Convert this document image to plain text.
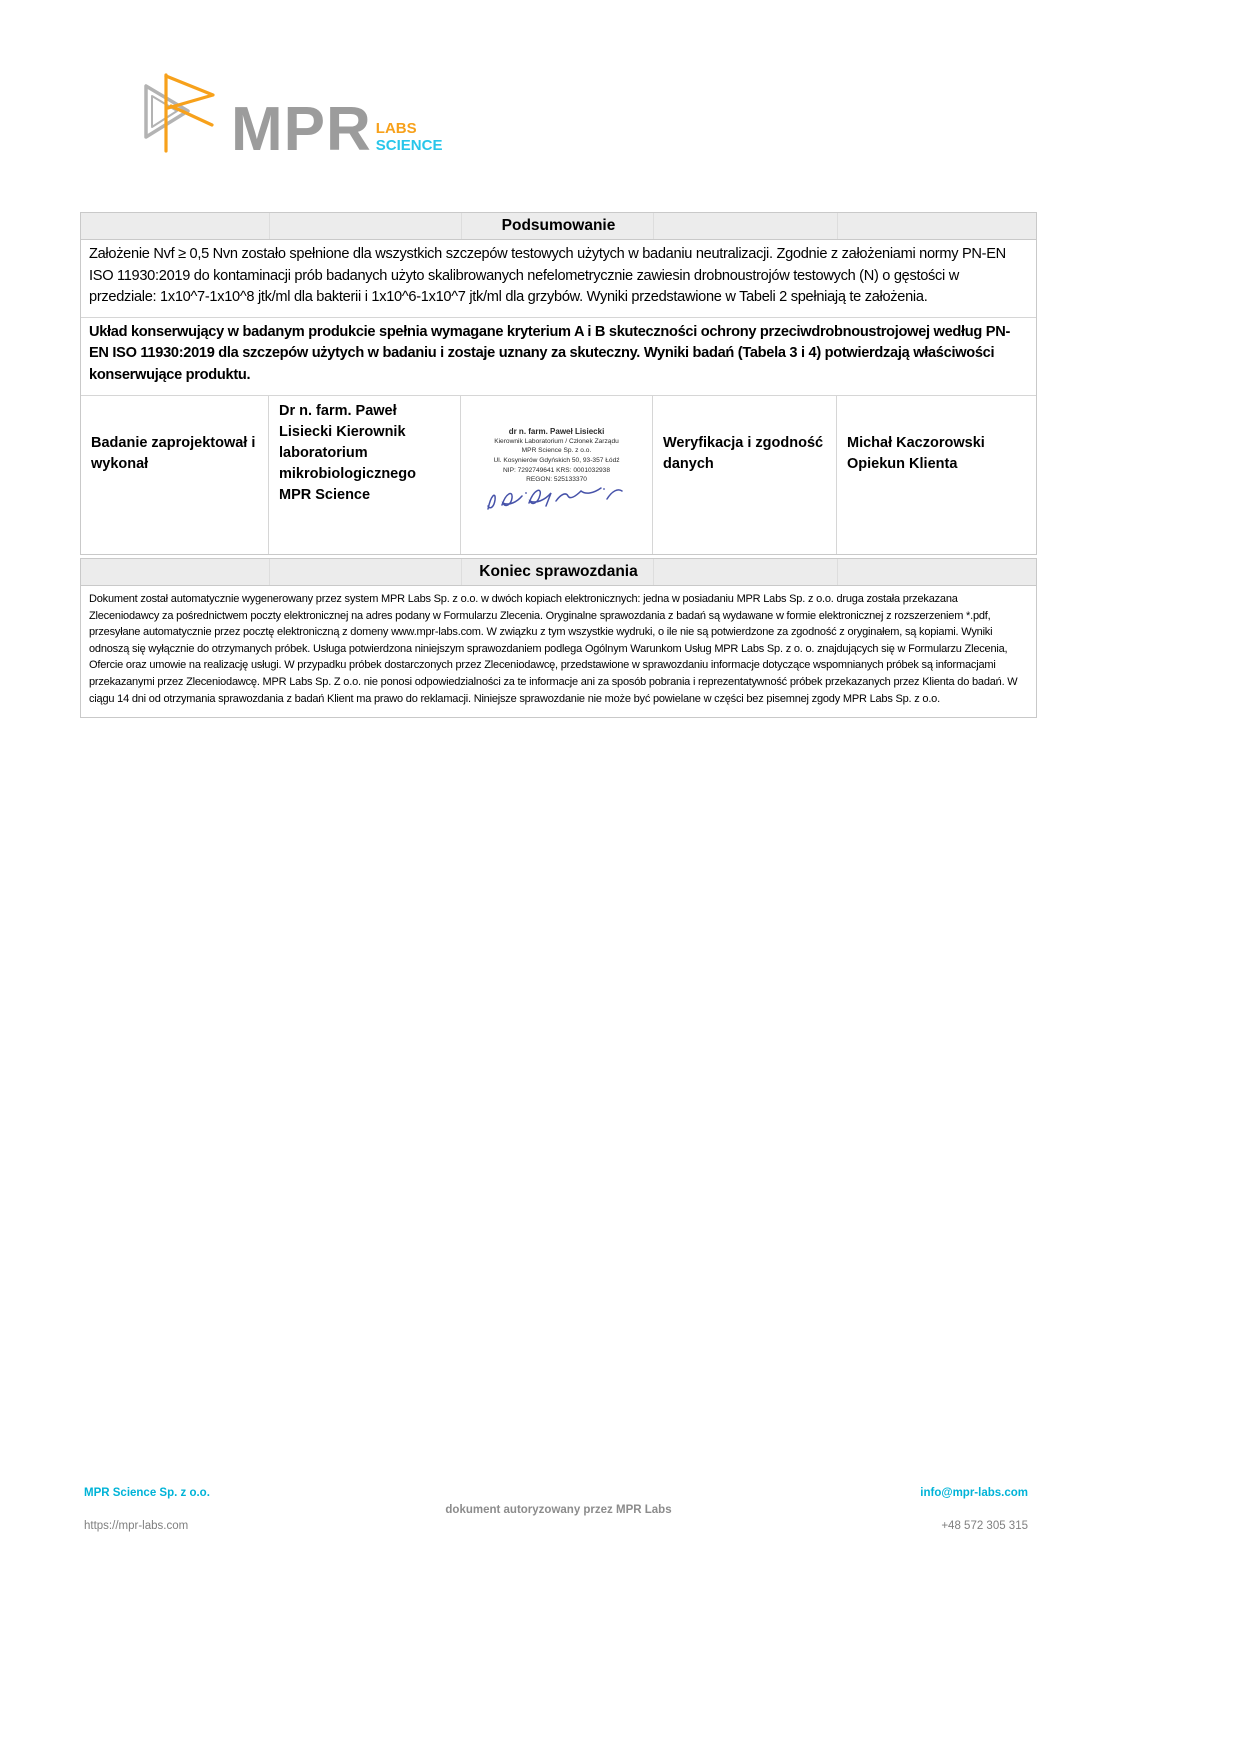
MPR LABS
SCIENCE
Podsumowanie
Założenie Nvf ≥ 0,5 Nvn zostało spełnione dla wszystkich szczepów testowych użytych w badaniu neutralizacji. Zgodnie z założeniami normy PN-EN ISO 11930:2019 do kontaminacji prób badanych użyto skalibrowanych nefelometrycznie zawiesin drobnoustrojów testowych (N) o gęstości w przedziale: 1x10^7-1x10^8 jtk/ml dla bakterii i 1x10^6-1x10^7 jtk/ml dla grzybów. Wyniki przedstawione w Tabeli 2 spełniają te założenia.
Układ konserwujący w badanym produkcie spełnia wymagane kryterium A i B skuteczności ochrony przeciwdrobnoustrojowej według PN-EN ISO 11930:2019 dla szczepów użytych w badaniu i zostaje uznany za skuteczny. Wyniki badań (Tabela 3 i 4) potwierdzają właściwości konserwujące produktu.
Badanie zaprojektował i wykonał
Dr n. farm. Paweł Lisiecki Kierownik laboratorium mikrobiologicznego MPR Science
dr n. farm. Paweł Lisiecki
Kierownik Laboratorium / Członek Zarządu
MPR Science Sp. z o.o.
Ul. Kosynierów Gdyńskich 50, 93-357 Łódź
NIP: 7292749641 KRS: 0001032938
REGON: 525133370
Weryfikacja i zgodność danych
Michał Kaczorowski Opiekun Klienta
Koniec sprawozdania
Dokument został automatycznie wygenerowany przez system MPR Labs Sp. z o.o. w dwóch kopiach elektronicznych: jedna w posiadaniu MPR Labs Sp. z o.o. druga została przekazana Zleceniodawcy za pośrednictwem poczty elektronicznej na adres podany w Formularzu Zlecenia. Oryginalne sprawozdania z badań są wydawane w formie elektronicznej z rozszerzeniem *.pdf, przesyłane automatycznie przez pocztę elektroniczną z domeny www.mpr-labs.com. W związku z tym wszystkie wydruki, o ile nie są potwierdzone za zgodność z oryginałem, są kopiami. Wyniki odnoszą się wyłącznie do otrzymanych próbek. Usługa potwierdzona niniejszym sprawozdaniem podlega Ogólnym Warunkom Usług MPR Labs Sp. z o. o. znajdujących się w Formularzu Zlecenia, Ofercie oraz umowie na realizację usługi. W przypadku próbek dostarczonych przez Zleceniodawcę, przedstawione w sprawozdaniu informacje dotyczące wspomnianych próbek są informacjami przekazanymi przez Zleceniodawcę. MPR Labs Sp. Z o.o. nie ponosi odpowiedzialności za te informacje ani za sposób pobrania i reprezentatywność próbek przekazanych przez Klienta do badań. W ciągu 14 dni od otrzymania sprawozdania z badań Klient ma prawo do reklamacji. Niniejsze sprawozdanie nie może być powielane w części bez pisemnej zgody MPR Labs Sp. z o.o.
MPR Science Sp. z o.o.
https://mpr-labs.com
dokument autoryzowany przez MPR Labs
info@mpr-labs.com
+48 572 305 315
